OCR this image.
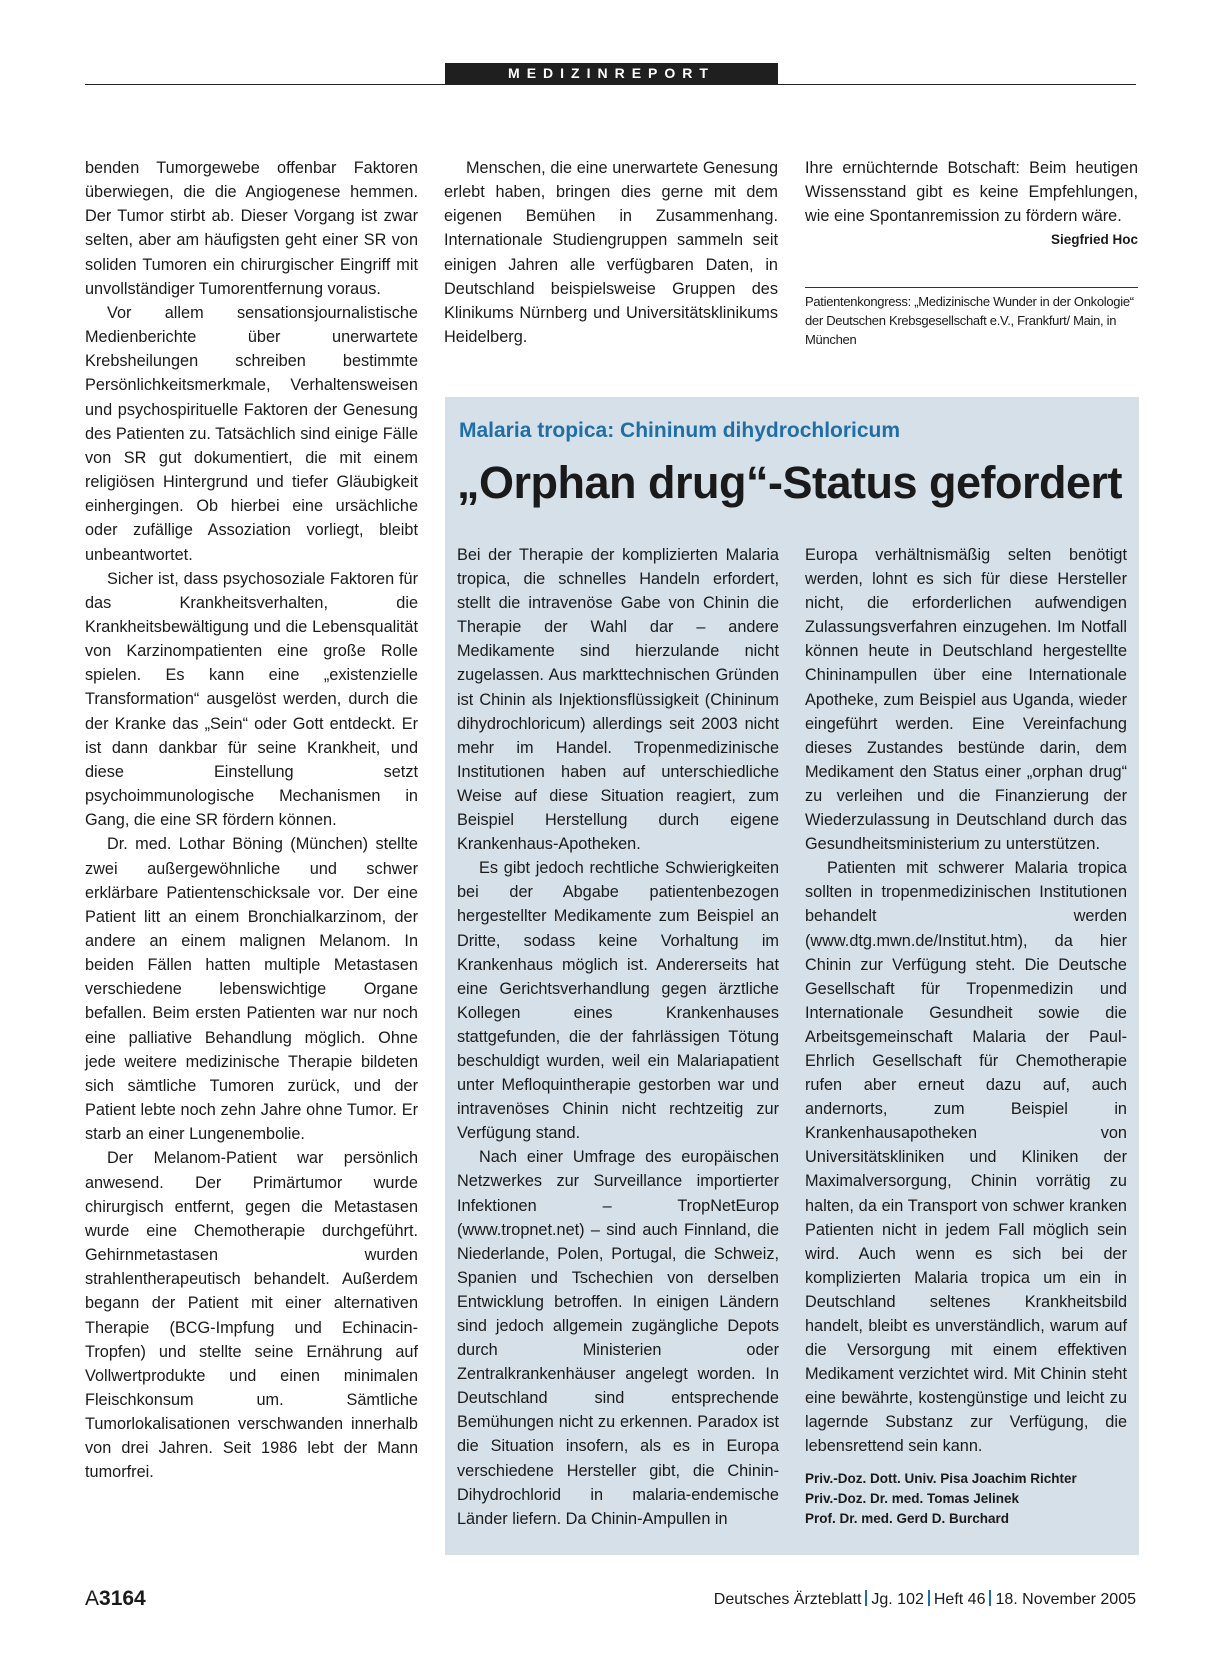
MEDIZINREPORT

benden Tumorgewebe offenbar Faktoren überwiegen, die die Angiogenese hemmen. Der Tumor stirbt ab. Dieser Vorgang ist zwar selten, aber am häufigsten geht einer SR von soliden Tumoren ein chirurgischer Eingriff mit unvollständiger Tumorentfernung voraus.

Vor allem sensationsjournalistische Medienberichte über unerwartete Krebsheilungen schreiben bestimmte Persönlichkeitsmerkmale, Verhaltensweisen und psychospirituelle Faktoren der Genesung des Patienten zu. Tatsächlich sind einige Fälle von SR gut dokumentiert, die mit einem religiösen Hintergrund und tiefer Gläubigkeit einhergingen. Ob hierbei eine ursächliche oder zufällige Assoziation vorliegt, bleibt unbeantwortet.

Sicher ist, dass psychosoziale Faktoren für das Krankheitsverhalten, die Krankheitsbewältigung und die Lebensqualität von Karzinompatienten eine große Rolle spielen. Es kann eine „existenzielle Transformation“ ausgelöst werden, durch die der Kranke das „Sein“ oder Gott entdeckt. Er ist dann dankbar für seine Krankheit, und diese Einstellung setzt psychoimmunologische Mechanismen in Gang, die eine SR fördern können.

Dr. med. Lothar Böning (München) stellte zwei außergewöhnliche und schwer erklärbare Patientenschicksale vor. Der eine Patient litt an einem Bronchialkarzinom, der andere an einem malignen Melanom. In beiden Fällen hatten multiple Metastasen verschiedene lebenswichtige Organe befallen. Beim ersten Patienten war nur noch eine palliative Behandlung möglich. Ohne jede weitere medizinische Therapie bildeten sich sämtliche Tumoren zurück, und der Patient lebte noch zehn Jahre ohne Tumor. Er starb an einer Lungenembolie.

Der Melanom-Patient war persönlich anwesend. Der Primärtumor wurde chirurgisch entfernt, gegen die Metastasen wurde eine Chemotherapie durchgeführt. Gehirnmetastasen wurden strahlentherapeutisch behandelt. Außerdem begann der Patient mit einer alternativen Therapie (BCG-Impfung und Echinacin-Tropfen) und stellte seine Ernährung auf Vollwertprodukte und einen minimalen Fleischkonsum um. Sämtliche Tumorlokalisationen verschwanden innerhalb von drei Jahren. Seit 1986 lebt der Mann tumorfrei.

Menschen, die eine unerwartete Genesung erlebt haben, bringen dies gerne mit dem eigenen Bemühen in Zusammenhang. Internationale Studiengruppen sammeln seit einigen Jahren alle verfügbaren Daten, in Deutschland beispielsweise Gruppen des Klinikums Nürnberg und Universitätsklinikums Heidelberg.

Ihre ernüchternde Botschaft: Beim heutigen Wissensstand gibt es keine Empfehlungen, wie eine Spontanremission zu fördern wäre.
Siegfried Hoc

Patientenkongress: „Medizinische Wunder in der Onkologie“ der Deutschen Krebsgesellschaft e.V., Frankfurt/ Main, in München
Malaria tropica: Chininum dihydrochloricum
„Orphan drug“-Status gefordert

Bei der Therapie der komplizierten Malaria tropica, die schnelles Handeln erfordert, stellt die intravenöse Gabe von Chinin die Therapie der Wahl dar – andere Medikamente sind hierzulande nicht zugelassen. Aus markttechnischen Gründen ist Chinin als Injektionsflüssigkeit (Chininum dihydrochloricum) allerdings seit 2003 nicht mehr im Handel. Tropenmedizinische Institutionen haben auf unterschiedliche Weise auf diese Situation reagiert, zum Beispiel Herstellung durch eigene Krankenhaus-Apotheken.

Es gibt jedoch rechtliche Schwierigkeiten bei der Abgabe patientenbezogen hergestellter Medikamente zum Beispiel an Dritte, sodass keine Vorhaltung im Krankenhaus möglich ist. Andererseits hat eine Gerichtsverhandlung gegen ärztliche Kollegen eines Krankenhauses stattgefunden, die der fahrlässigen Tötung beschuldigt wurden, weil ein Malariapatient unter Mefloquintherapie gestorben war und intravenöses Chinin nicht rechtzeitig zur Verfügung stand.

Nach einer Umfrage des europäischen Netzwerkes zur Surveillance importierter Infektionen – TropNetEurop (www.tropnet.net) – sind auch Finnland, die Niederlande, Polen, Portugal, die Schweiz, Spanien und Tschechien von derselben Entwicklung betroffen. In einigen Ländern sind jedoch allgemein zugängliche Depots durch Ministerien oder Zentralkrankenhäuser angelegt worden. In Deutschland sind entsprechende Bemühungen nicht zu erkennen. Paradox ist die Situation insofern, als es in Europa verschiedene Hersteller gibt, die Chinin-Dihydrochlorid in malaria-endemische Länder liefern. Da Chinin-Ampullen in

Europa verhältnismäßig selten benötigt werden, lohnt es sich für diese Hersteller nicht, die erforderlichen aufwendigen Zulassungsverfahren einzugehen. Im Notfall können heute in Deutschland hergestellte Chininampullen über eine Internationale Apotheke, zum Beispiel aus Uganda, wieder eingeführt werden. Eine Vereinfachung dieses Zustandes bestünde darin, dem Medikament den Status einer „orphan drug“ zu verleihen und die Finanzierung der Wiederzulassung in Deutschland durch das Gesundheitsministerium zu unterstützen.

Patienten mit schwerer Malaria tropica sollten in tropenmedizinischen Institutionen behandelt werden (www.dtg.mwn.de/Institut.htm), da hier Chinin zur Verfügung steht. Die Deutsche Gesellschaft für Tropenmedizin und Internationale Gesundheit sowie die Arbeitsgemeinschaft Malaria der Paul-Ehrlich Gesellschaft für Chemotherapie rufen aber erneut dazu auf, auch andernorts, zum Beispiel in Krankenhausapotheken von Universitätskliniken und Kliniken der Maximalversorgung, Chinin vorrätig zu halten, da ein Transport von schwer kranken Patienten nicht in jedem Fall möglich sein wird. Auch wenn es sich bei der komplizierten Malaria tropica um ein in Deutschland seltenes Krankheitsbild handelt, bleibt es unverständlich, warum auf die Versorgung mit einem effektiven Medikament verzichtet wird. Mit Chinin steht eine bewährte, kostengünstige und leicht zu lagernde Substanz zur Verfügung, die lebensrettend sein kann.

Priv.-Doz. Dott. Univ. Pisa Joachim Richter
Priv.-Doz. Dr. med. Tomas Jelinek
Prof. Dr. med. Gerd D. Burchard
A3164	Deutsches Ärzteblatt Jg. 102 Heft 46 18. November 2005
